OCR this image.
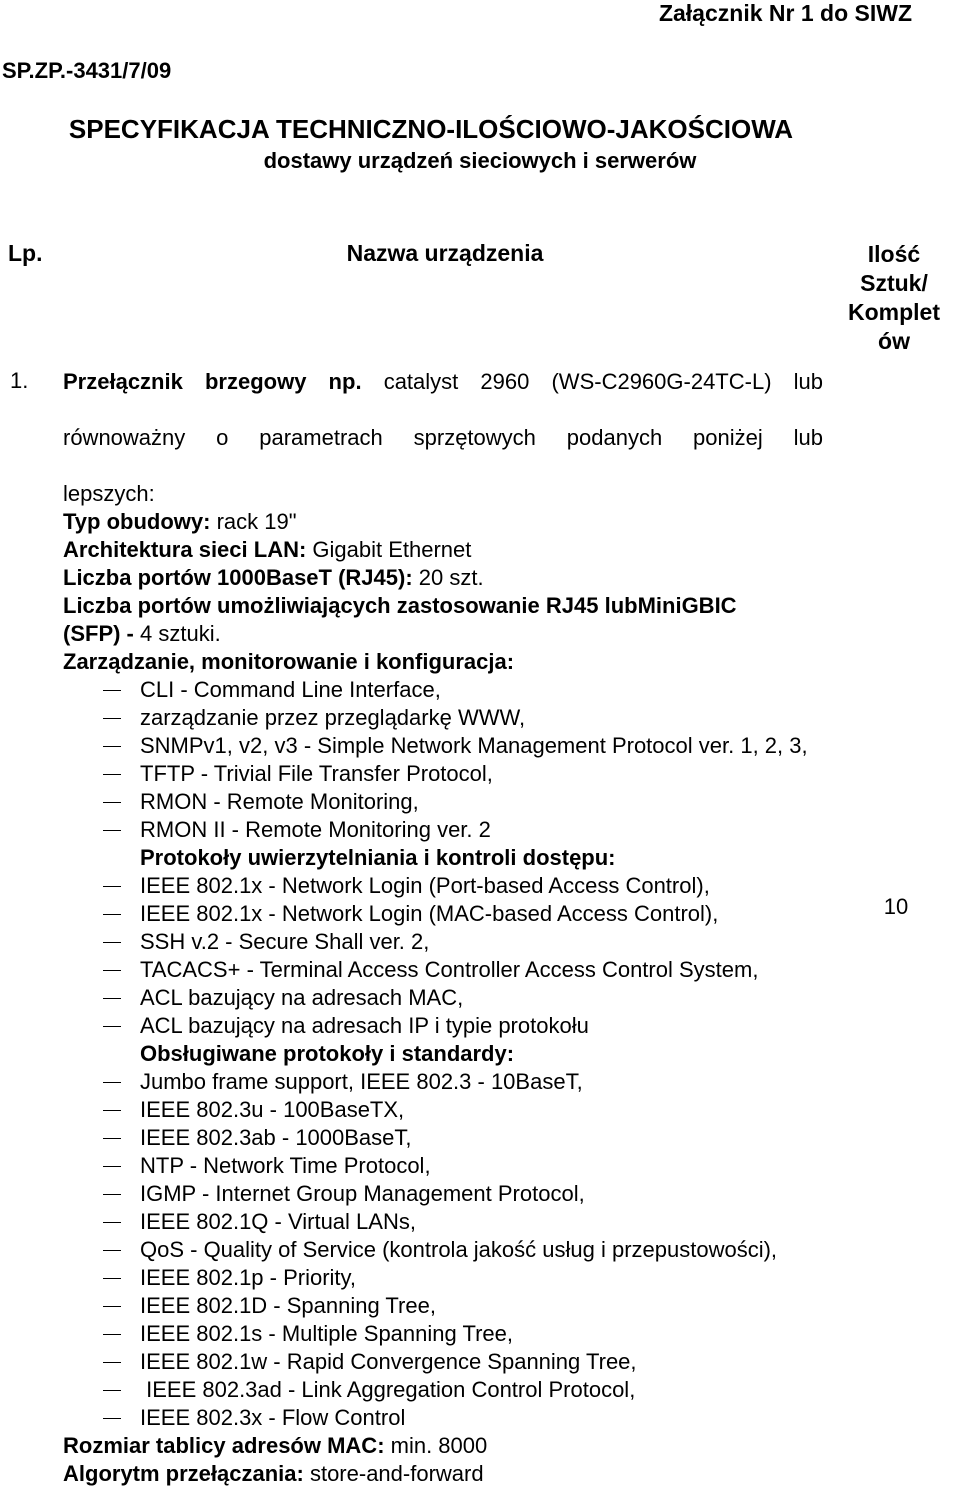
Załącznik Nr 1 do SIWZ
SP.ZP.-3431/7/09
SPECYFIKACJA TECHNICZNO-ILOŚCIOWO-JAKOŚCIOWA
dostawy urządzeń sieciowych i serwerów
Lp.	Nazwa urządzenia	Ilość
Sztuk/
Komplet
ów
1.
10
Przełącznik brzegowy np. catalyst 2960 (WS-C2960G-24TC-L) lub
równoważny o parametrach sprzętowych podanych poniżej lub
lepszych:
Typ obudowy: rack 19"
Architektura sieci LAN: Gigabit Ethernet
Liczba portów 1000BaseT (RJ45): 20 szt.
Liczba portów umożliwiających zastosowanie RJ45 lubMiniGBIC
(SFP) - 4 sztuki.
Zarządzanie, monitorowanie i konfiguracja:
CLI - Command Line Interface,
zarządzanie przez przeglądarkę WWW,
SNMPv1, v2, v3 - Simple Network Management Protocol ver. 1, 2, 3,
TFTP - Trivial File Transfer Protocol,
RMON - Remote Monitoring,
RMON II - Remote Monitoring ver. 2
Protokoły uwierzytelniania i kontroli dostępu:
IEEE 802.1x - Network Login (Port-based Access Control),
IEEE 802.1x - Network Login (MAC-based Access Control),
SSH v.2 - Secure Shall ver. 2,
TACACS+ - Terminal Access Controller Access Control System,
ACL bazujący na adresach MAC,
ACL bazujący na adresach IP i typie protokołu
Obsługiwane protokoły i standardy:
Jumbo frame support, IEEE 802.3 - 10BaseT,
IEEE 802.3u - 100BaseTX,
IEEE 802.3ab - 1000BaseT,
NTP - Network Time Protocol,
IGMP - Internet Group Management Protocol,
IEEE 802.1Q - Virtual LANs,
QoS - Quality of Service (kontrola jakość usług i przepustowości),
IEEE 802.1p - Priority,
IEEE 802.1D - Spanning Tree,
IEEE 802.1s - Multiple Spanning Tree,
IEEE 802.1w - Rapid Convergence Spanning Tree,
IEEE 802.3ad - Link Aggregation Control Protocol,
IEEE 802.3x - Flow Control
Rozmiar tablicy adresów MAC: min. 8000
Algorytm przełączania: store-and-forward
